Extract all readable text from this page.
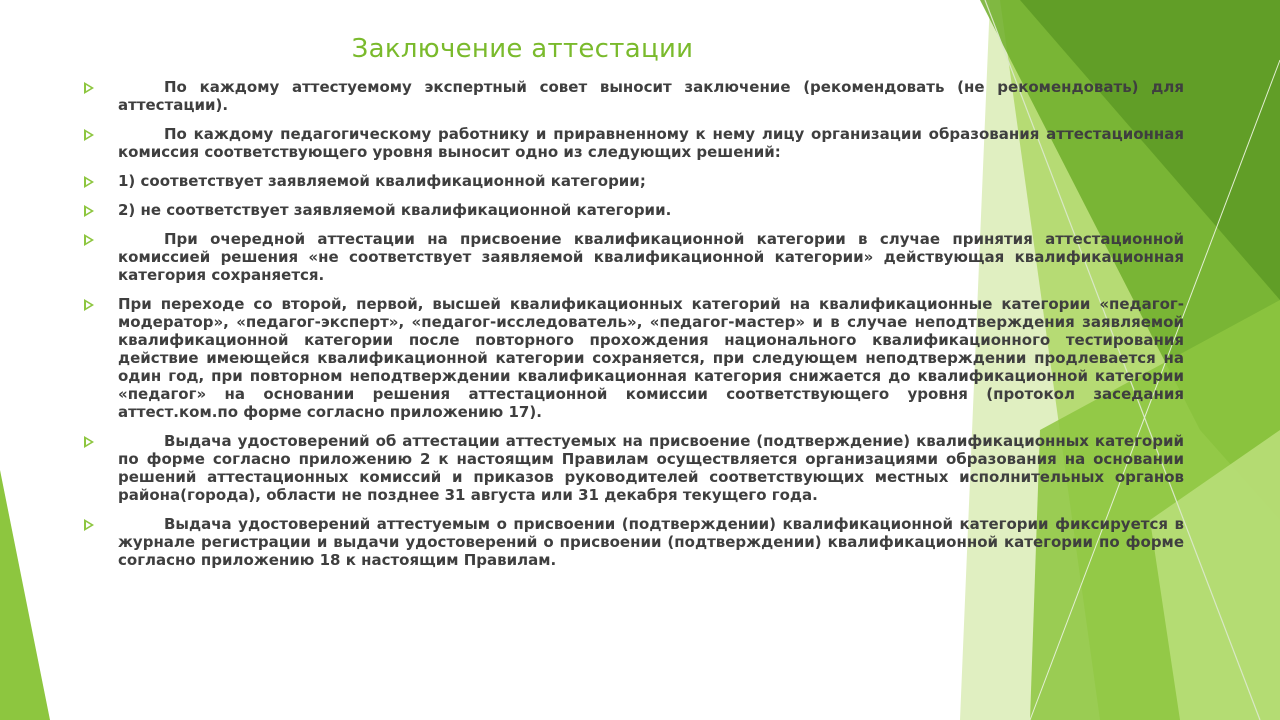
Заключение аттестации
По каждому аттестуемому экспертный совет выносит заключение (рекомендовать (не рекомендовать) для аттестации).
По каждому педагогическому работнику и приравненному к нему лицу организации образования аттестационная комиссия соответствующего уровня выносит одно из следующих решений:
1) соответствует заявляемой квалификационной категории;
2) не соответствует заявляемой квалификационной категории.
При очередной аттестации на присвоение квалификационной категории в случае принятия аттестационной комиссией решения «не соответствует заявляемой квалификационной категории» действующая квалификационная категория сохраняется.
При переходе со второй, первой, высшей квалификационных категорий на квалификационные категории «педагог-модератор», «педагог-эксперт», «педагог-исследователь», «педагог-мастер» и в случае неподтверждения заявляемой квалификационной категории после повторного прохождения национального квалификационного тестирования действие имеющейся квалификационной категории сохраняется, при следующем неподтверждении продлевается на один год, при повторном неподтверждении квалификационная категория снижается до квалификационной категории «педагог» на основании решения аттестационной комиссии соответствующего уровня (протокол заседания аттест.ком.по форме согласно приложению 17).
Выдача удостоверений об аттестации аттестуемых на присвоение (подтверждение) квалификационных категорий по форме согласно приложению 2 к настоящим Правилам осуществляется организациями образования на основании решений аттестационных комиссий и приказов руководителей соответствующих местных исполнительных органов района(города), области не позднее 31 августа или 31 декабря текущего года.
Выдача удостоверений аттестуемым о присвоении (подтверждении) квалификационной категории фиксируется в журнале регистрации и выдачи удостоверений о присвоении (подтверждении) квалификационной категории по форме согласно приложению 18 к настоящим Правилам.
